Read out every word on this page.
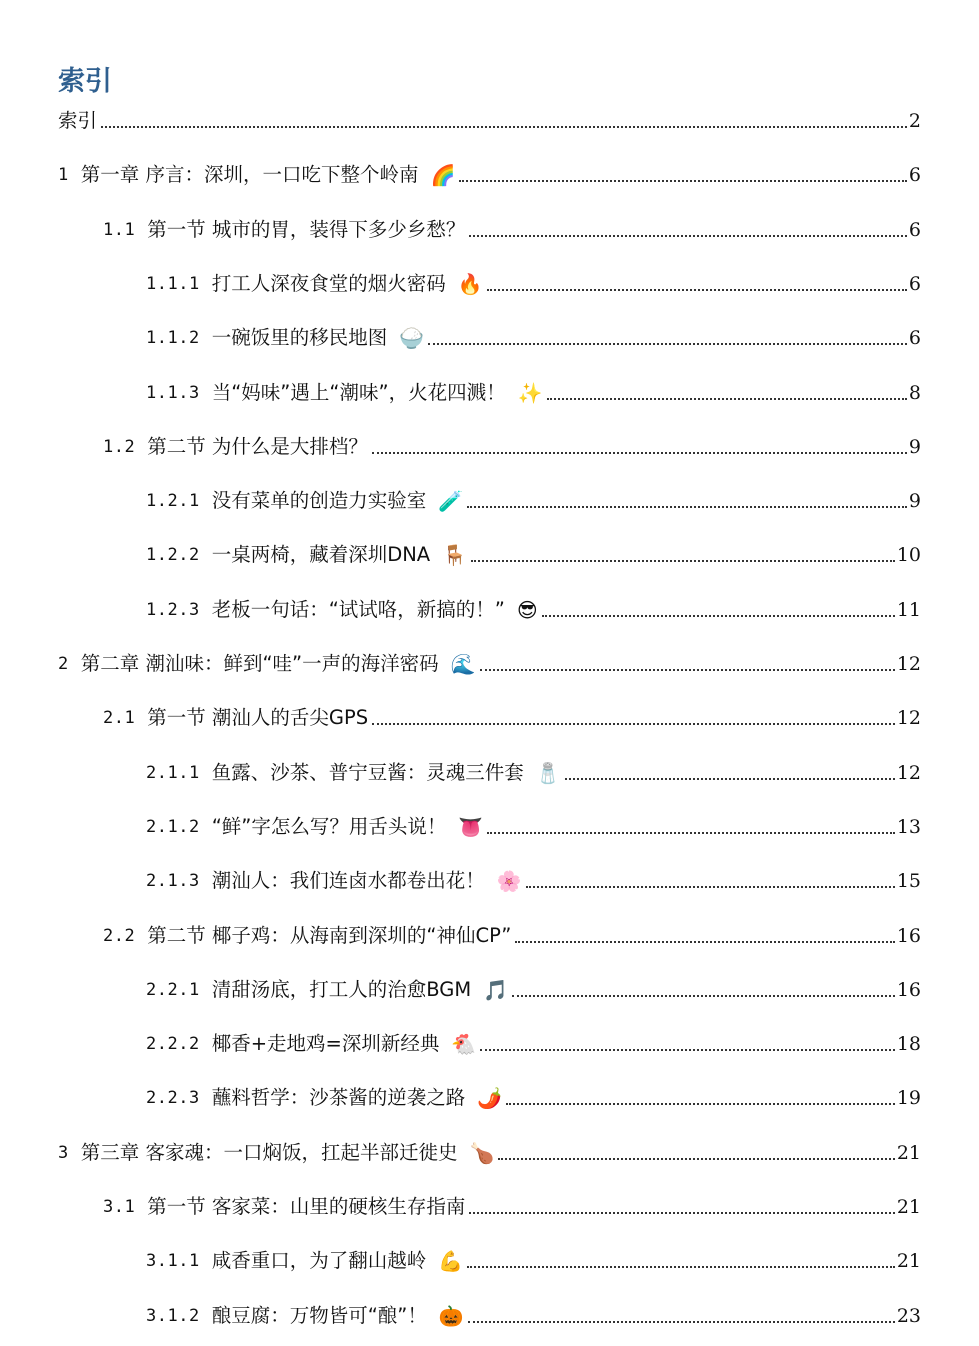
索引
索引	2
1 第一章 序言：深圳，一口吃下整个岭南 🌈	6
1.1 第一节 城市的胃，装得下多少乡愁？	6
1.1.1 打工人深夜食堂的烟火密码 🔥	6
1.1.2 一碗饭里的移民地图 🍚	6
1.1.3 当“妈味”遇上“潮味”，火花四溅！ ✨	8
1.2 第二节 为什么是大排档？	9
1.2.1 没有菜单的创造力实验室 🧪	9
1.2.2 一桌两椅，藏着深圳DNA 🪑	10
1.2.3 老板一句话：“试试咯，新搞的！” 😎	11
2 第二章 潮汕味：鲜到“哇”一声的海洋密码 🌊	12
2.1 第一节 潮汕人的舌尖GPS	12
2.1.1 鱼露、沙茶、普宁豆酱：灵魂三件套 🧂	12
2.1.2 “鲜”字怎么写？用舌头说！ 👅	13
2.1.3 潮汕人：我们连卤水都卷出花！ 🌸	15
2.2 第二节 椰子鸡：从海南到深圳的“神仙CP”	16
2.2.1 清甜汤底，打工人的治愈BGM 🎵	16
2.2.2 椰香+走地鸡=深圳新经典 🐔	18
2.2.3 蘸料哲学：沙茶酱的逆袭之路 🌶️	19
3 第三章 客家魂：一口焖饭，扛起半部迁徙史 🍗	21
3.1 第一节 客家菜：山里的硬核生存指南	21
3.1.1 咸香重口，为了翻山越岭 💪	21
3.1.2 酿豆腐：万物皆可“酿”！ 🎃	23
